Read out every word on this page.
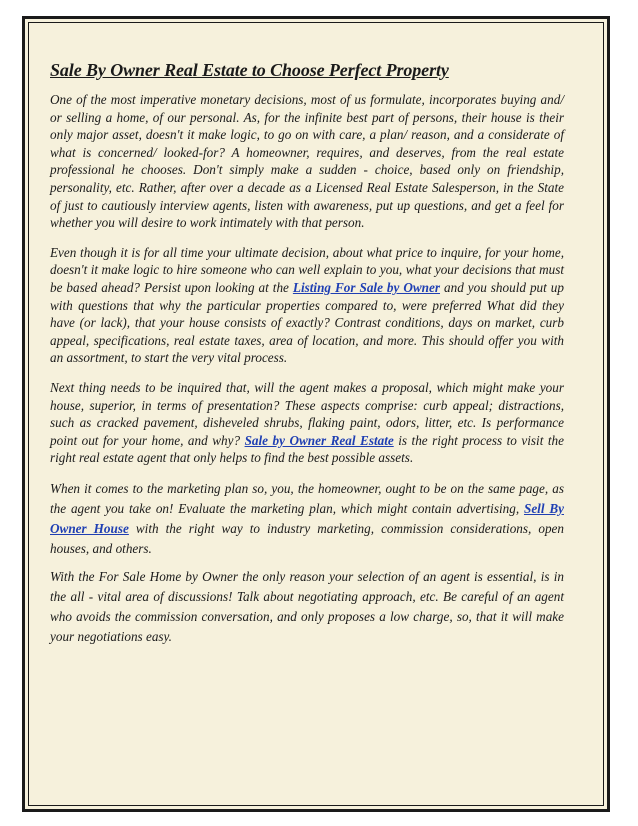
Sale By Owner Real Estate to Choose Perfect Property

One of the most imperative monetary decisions, most of us formulate, incorporates buying and/ or selling a home, of our personal. As, for the infinite best part of persons, their house is their only major asset, doesn't it make logic, to go on with care, a plan/ reason, and a considerate of what is concerned/ looked-for? A homeowner, requires, and deserves, from the real estate professional he chooses. Don't simply make a sudden - choice, based only on friendship, personality, etc. Rather, after over a decade as a Licensed Real Estate Salesperson, in the State of just to cautiously interview agents, listen with awareness, put up questions, and get a feel for whether you will desire to work intimately with that person.

Even though it is for all time your ultimate decision, about what price to inquire, for your home, doesn't it make logic to hire someone who can well explain to you, what your decisions that must be based ahead? Persist upon looking at the Listing For Sale by Owner and you should put up with questions that why the particular properties compared to, were preferred What did they have (or lack), that your house consists of exactly? Contrast conditions, days on market, curb appeal, specifications, real estate taxes, area of location, and more. This should offer you with an assortment, to start the very vital process.

Next thing needs to be inquired that, will the agent makes a proposal, which might make your house, superior, in terms of presentation? These aspects comprise: curb appeal; distractions, such as cracked pavement, disheveled shrubs, flaking paint, odors, litter, etc. Is performance point out for your home, and why? Sale by Owner Real Estate is the right process to visit the right real estate agent that only helps to find the best possible assets.

When it comes to the marketing plan so, you, the homeowner, ought to be on the same page, as the agent you take on! Evaluate the marketing plan, which might contain advertising, Sell By Owner House with the right way to industry marketing, commission considerations, open houses, and others.

With the For Sale Home by Owner the only reason your selection of an agent is essential, is in the all - vital area of discussions! Talk about negotiating approach, etc. Be careful of an agent who avoids the commission conversation, and only proposes a low charge, so, that it will make your negotiations easy.
